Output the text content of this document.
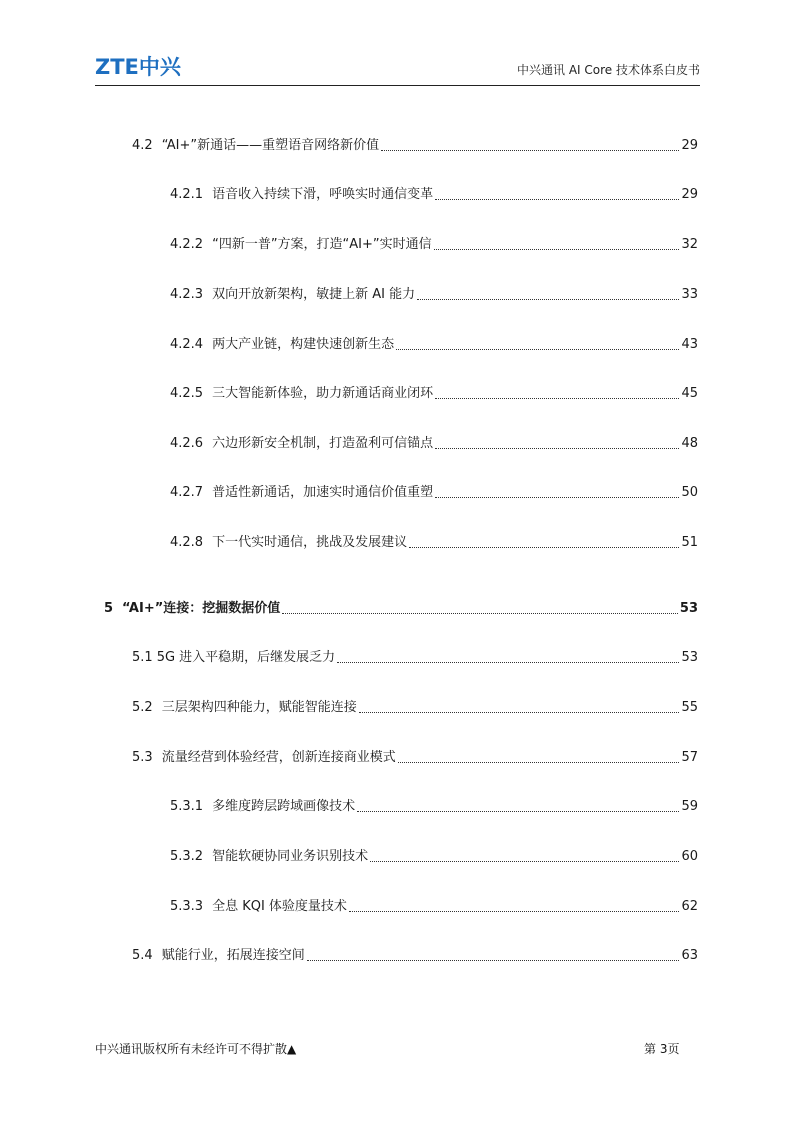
ZTE中兴	中兴通讯 AI Core 技术体系白皮书
4.2 “AI+”新通话——重塑语音网络新价值	29
4.2.1 语音收入持续下滑，呼唤实时通信变革	29
4.2.2 “四新一普”方案，打造“AI+”实时通信	32
4.2.3 双向开放新架构，敏捷上新 AI 能力	33
4.2.4 两大产业链，构建快速创新生态	43
4.2.5 三大智能新体验，助力新通话商业闭环	45
4.2.6 六边形新安全机制，打造盈利可信锚点	48
4.2.7 普适性新通话，加速实时通信价值重塑	50
4.2.8 下一代实时通信，挑战及发展建议	51
5 “AI+”连接：挖掘数据价值	53
5.1 5G 进入平稳期，后继发展乏力	53
5.2 三层架构四种能力，赋能智能连接	55
5.3 流量经营到体验经营，创新连接商业模式	57
5.3.1 多维度跨层跨域画像技术	59
5.3.2 智能软硬协同业务识别技术	60
5.3.3 全息 KQI 体验度量技术	62
5.4 赋能行业，拓展连接空间	63
中兴通讯版权所有未经许可不得扩散▲	第 3页
